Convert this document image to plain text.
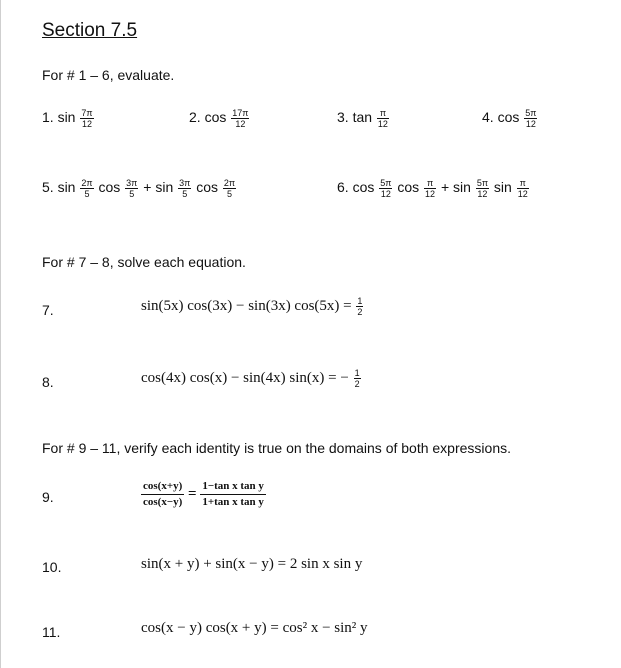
Section 7.5
For # 1 – 6, evaluate.
1. $\sin \frac{7\pi}{12}$	2. $\cos \frac{17\pi}{12}$	3. $\tan \frac{\pi}{12}$	4. $\cos \frac{5\pi}{12}$
5. $\sin \frac{2\pi}{5}$ $\cos \frac{3\pi}{5} + \sin \frac{3\pi}{5}$ $\cos \frac{2\pi}{5}$	6. $\cos \frac{5\pi}{12}$ $\cos \frac{\pi}{12} + \sin \frac{5\pi}{12}$ $\sin \frac{\pi}{12}$
For # 7 – 8, solve each equation.
7.	sin(5x) cos(3x) − sin(3x) $\cos(5x) = \frac{1}{2}$
8.	cos(4x) cos(x) − sin(4x) sin(x) = − $\frac{1}{2}$
For # 9 – 11, verify each identity is true on the domains of both expressions.
9.	$\frac{\cos(x+y)}{\cos(x-y)} = \frac{\text{1−tan x tan y}}{\text{1+tan x tan y}}$
10.	sin(x + y) + sin(x − y) = 2 sin x sin y
11.	cos(x − y) cos(x + y) = cos² x − sin² y
